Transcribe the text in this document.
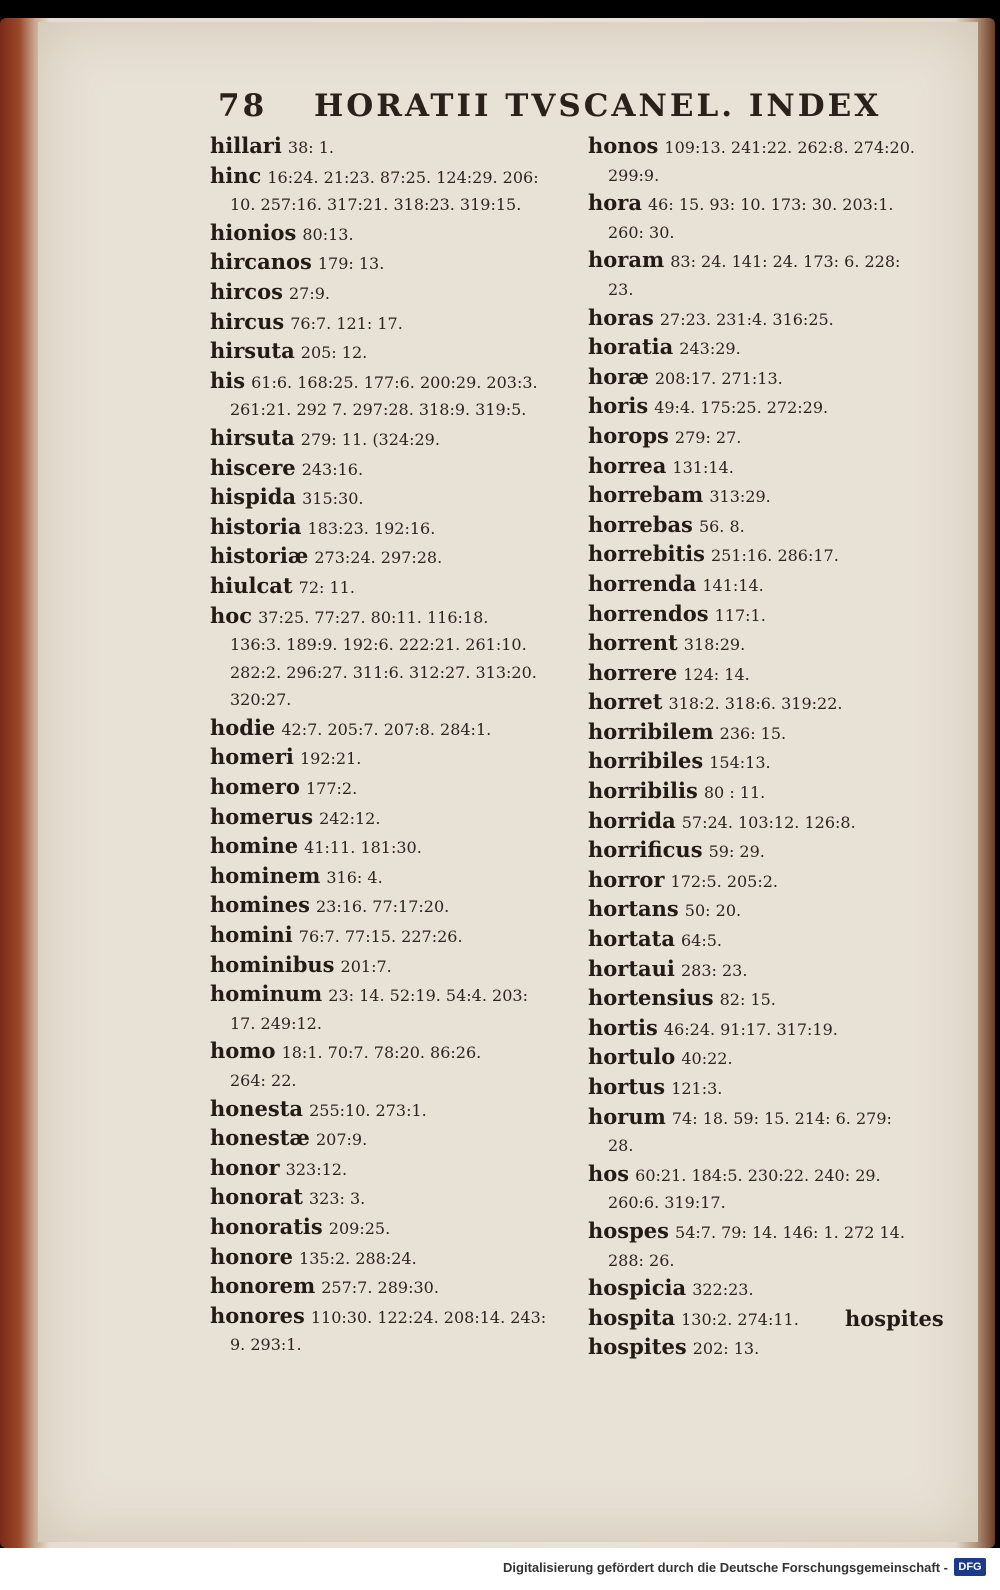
78 HORATII TVSCANEL. INDEX
hillari 38: 1.
hinc 16:24. 21:23. 87:25. 124:29. 206:
10. 257:16. 317:21. 318:23. 319:15.
hionios 80:13.
hircanos 179: 13.
hircos 27:9.
hircus 76:7. 121: 17.
hirsuta 205: 12.
his 61:6. 168:25. 177:6. 200:29. 203:3.
261:21. 292 7. 297:28. 318:9. 319:5.
hirsuta 279: 11. (324:29.
hiscere 243:16.
hispida 315:30.
historia 183:23. 192:16.
historiæ 273:24. 297:28.
hiulcat 72: 11.
hoc 37:25. 77:27. 80:11. 116:18.
136:3. 189:9. 192:6. 222:21. 261:10.
282:2. 296:27. 311:6. 312:27. 313:20.
320:27.
hodie 42:7. 205:7. 207:8. 284:1.
homeri 192:21.
homero 177:2.
homerus 242:12.
homine 41:11. 181:30.
hominem 316: 4.
homines 23:16. 77:17:20.
homini 76:7. 77:15. 227:26.
hominibus 201:7.
hominum 23: 14. 52:19. 54:4. 203:
17. 249:12.
homo 18:1. 70:7. 78:20. 86:26.
264: 22.
honesta 255:10. 273:1.
honestæ 207:9.
honor 323:12.
honorat 323: 3.
honoratis 209:25.
honore 135:2. 288:24.
honorem 257:7. 289:30.
honores 110:30. 122:24. 208:14. 243:
9. 293:1.
honos 109:13. 241:22. 262:8. 274:20.
299:9.
hora 46: 15. 93: 10. 173: 30. 203:1.
260: 30.
horam 83: 24. 141: 24. 173: 6. 228:
23.
horas 27:23. 231:4. 316:25.
horatia 243:29.
horæ 208:17. 271:13.
horis 49:4. 175:25. 272:29.
horops 279: 27.
horrea 131:14.
horrebam 313:29.
horrebas 56. 8.
horrebitis 251:16. 286:17.
horrenda 141:14.
horrendos 117:1.
horrent 318:29.
horrere 124: 14.
horret 318:2. 318:6. 319:22.
horribilem 236: 15.
horribiles 154:13.
horribilis 80 : 11.
horrida 57:24. 103:12. 126:8.
horrificus 59: 29.
horror 172:5. 205:2.
hortans 50: 20.
hortata 64:5.
hortaui 283: 23.
hortensius 82: 15.
hortis 46:24. 91:17. 317:19.
hortulo 40:22.
hortus 121:3.
horum 74: 18. 59: 15. 214: 6. 279:
28.
hos 60:21. 184:5. 230:22. 240: 29.
260:6. 319:17.
hospes 54:7. 79: 14. 146: 1. 272 14.
288: 26.
hospicia 322:23.
hospita 130:2. 274:11.
hospites 202: 13.
hospites
Digitalisierung gefördert durch die Deutsche Forschungsgemeinschaft - DFG
